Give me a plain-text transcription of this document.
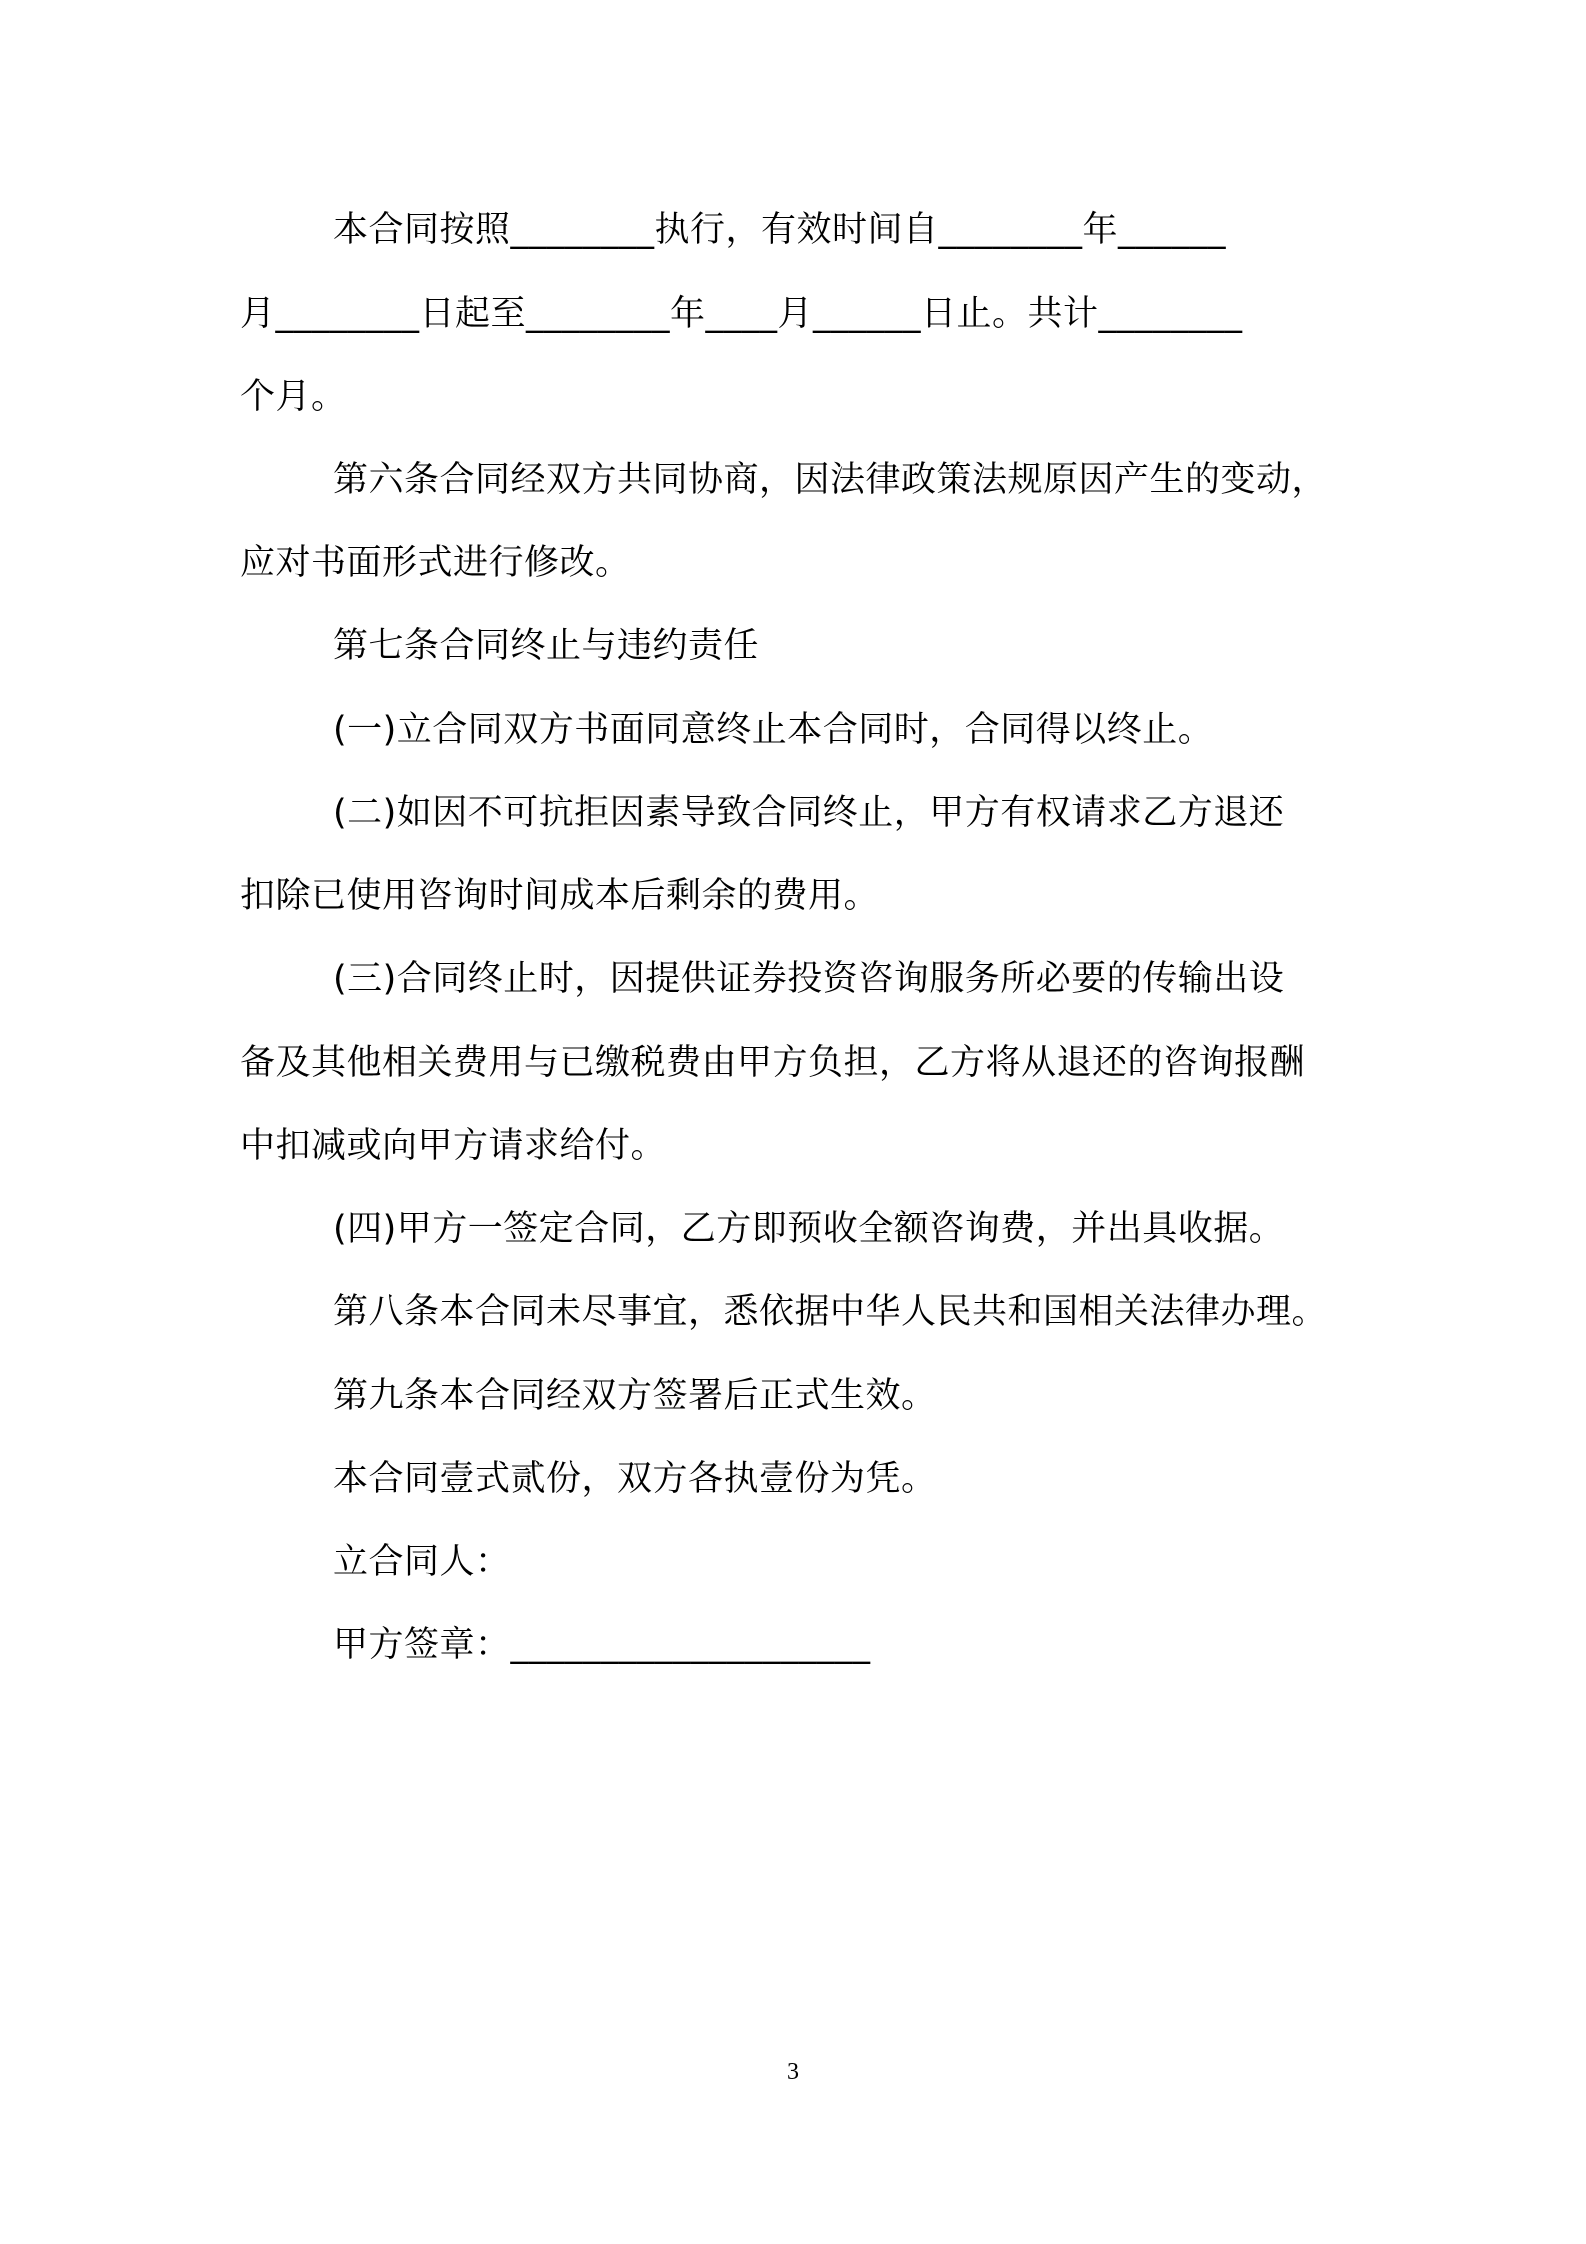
本合同按照________执行，有效时间自________年______
月________日起至________年____月______日止。共计________
个月。
第六条合同经双方共同协商，因法律政策法规原因产生的变动，
应对书面形式进行修改。
第七条合同终止与违约责任
(一)立合同双方书面同意终止本合同时，合同得以终止。
(二)如因不可抗拒因素导致合同终止，甲方有权请求乙方退还
扣除已使用咨询时间成本后剩余的费用。
(三)合同终止时，因提供证券投资咨询服务所必要的传输出设
备及其他相关费用与已缴税费由甲方负担，乙方将从退还的咨询报酬
中扣减或向甲方请求给付。
(四)甲方一签定合同，乙方即预收全额咨询费，并出具收据。
第八条本合同未尽事宜，悉依据中华人民共和国相关法律办理。
第九条本合同经双方签署后正式生效。
本合同壹式贰份，双方各执壹份为凭。
立合同人：
甲方签章：____________________
3
